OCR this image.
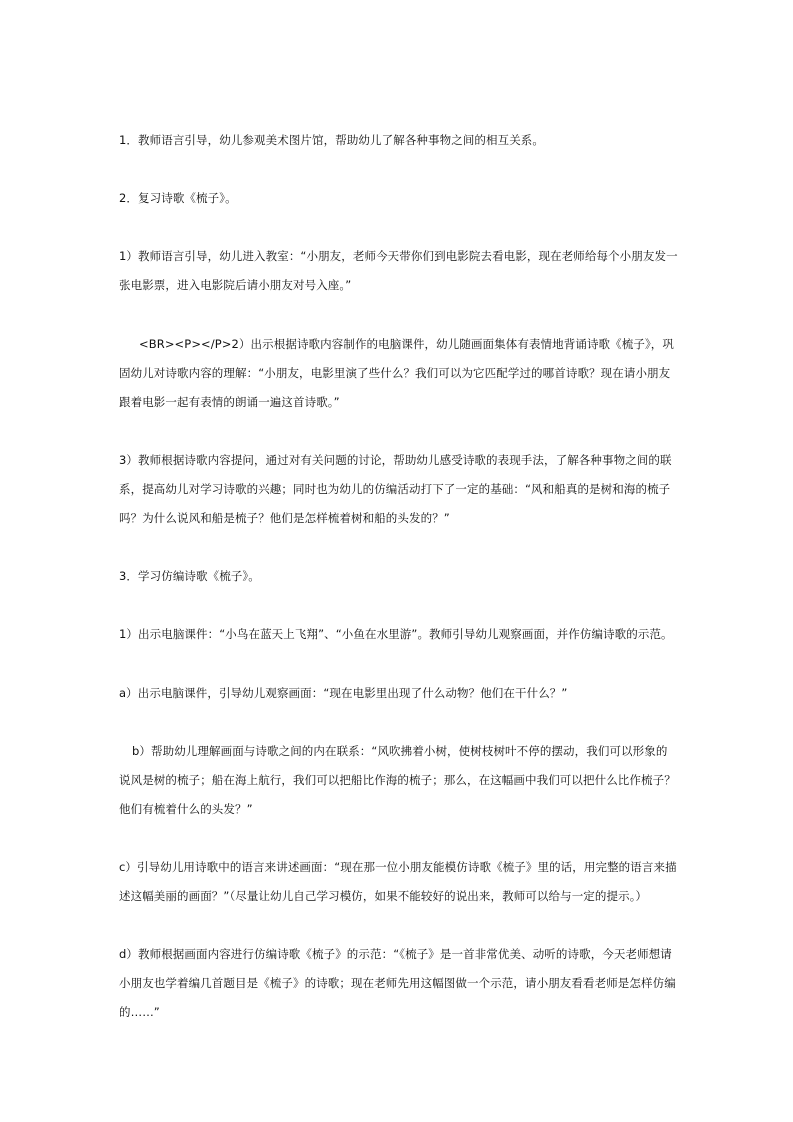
1．教师语言引导，幼儿参观美术图片馆，帮助幼儿了解各种事物之间的相互关系。

2．复习诗歌《梳子》。

1）教师语言引导，幼儿进入教室：“小朋友，老师今天带你们到电影院去看电影，现在老师给每个小朋友发一张电影票，进入电影院后请小朋友对号入座。”

<BR><P></P>2）出示根据诗歌内容制作的电脑课件，幼儿随画面集体有表情地背诵诗歌《梳子》，巩固幼儿对诗歌内容的理解：“小朋友，电影里演了些什么？我们可以为它匹配学过的哪首诗歌？现在请小朋友跟着电影一起有表情的朗诵一遍这首诗歌。”

3）教师根据诗歌内容提问，通过对有关问题的讨论，帮助幼儿感受诗歌的表现手法，了解各种事物之间的联系，提高幼儿对学习诗歌的兴趣；同时也为幼儿的仿编活动打下了一定的基础：“风和船真的是树和海的梳子吗？为什么说风和船是梳子？他们是怎样梳着树和船的头发的？”

3．学习仿编诗歌《梳子》。

1）出示电脑课件：“小鸟在蓝天上飞翔”、“小鱼在水里游”。教师引导幼儿观察画面，并作仿编诗歌的示范。

a）出示电脑课件，引导幼儿观察画面：“现在电影里出现了什么动物？他们在干什么？”

b）帮助幼儿理解画面与诗歌之间的内在联系：“风吹拂着小树，使树枝树叶不停的摆动，我们可以形象的说风是树的梳子；船在海上航行，我们可以把船比作海的梳子；那么，在这幅画中我们可以把什么比作梳子？他们有梳着什么的头发？”

c）引导幼儿用诗歌中的语言来讲述画面：“现在那一位小朋友能模仿诗歌《梳子》里的话，用完整的语言来描述这幅美丽的画面？”（尽量让幼儿自己学习模仿，如果不能较好的说出来，教师可以给与一定的提示。）

d）教师根据画面内容进行仿编诗歌《梳子》的示范：“《梳子》是一首非常优美、动听的诗歌，今天老师想请小朋友也学着编几首题目是《梳子》的诗歌；现在老师先用这幅图做一个示范，请小朋友看看老师是怎样仿编的……”
